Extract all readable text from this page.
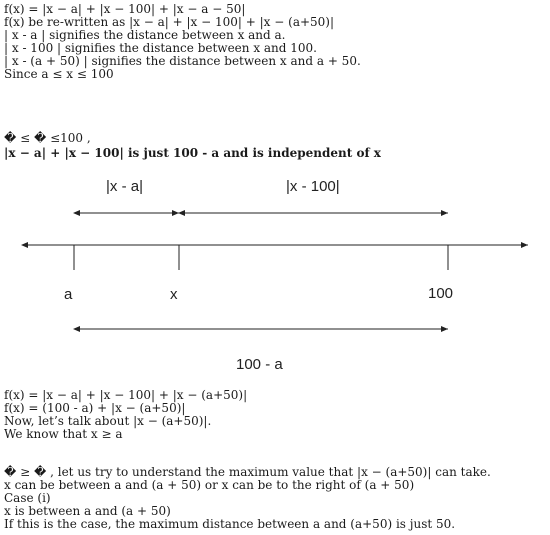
f(x) = |x − a| + |x − 100| + |x − a − 50|
f(x) be re-written as |x − a| + |x − 100| + |x − (a+50)|
| x - a | signifies the distance between x and a.
| x - 100 | signifies the distance between x and 100.
| x - (a + 50) | signifies the distance between x and a + 50.
Since a ≤ x ≤ 100
� ≤ � ≤100 ,
|x − a| + |x − 100| is just 100 - a and is independent of x
|x - a|	|x - 100|
a	x	100
100 - a
f(x) = |x − a| + |x − 100| + |x − (a+50)|
f(x) = (100 - a) + |x − (a+50)|
Now, let’s talk about |x − (a+50)|.
We know that x ≥ a
� ≥ � , let us try to understand the maximum value that |x − (a+50)| can take.
x can be between a and (a + 50) or x can be to the right of (a + 50)
Case (i)
x is between a and (a + 50)
If this is the case, the maximum distance between a and (a+50) is just 50.
